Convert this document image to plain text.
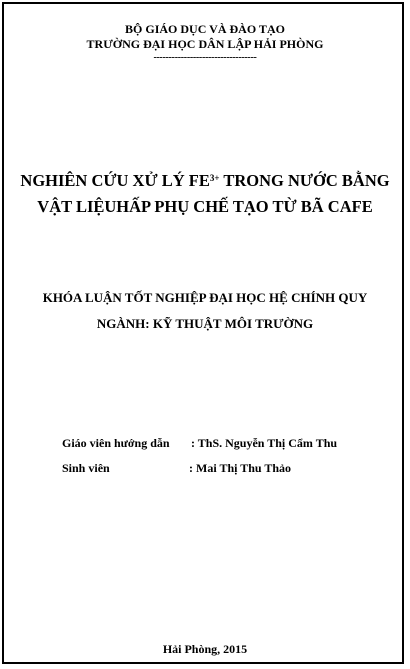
BỘ GIÁO DỤC VÀ ĐÀO TẠO
TRƯỜNG ĐẠI HỌC DÂN LẬP HẢI PHÒNG
----------------------------------
NGHIÊN CỨU XỬ LÝ $FE^{3+}$ TRONG NƯỚC BẰNG
VẬT LIỆUHẤP PHỤ CHẾ TẠO TỪ BÃ CAFE
KHÓA LUẬN TỐT NGHIỆP ĐẠI HỌC HỆ CHÍNH QUY
NGÀNH: KỸ THUẬT MÔI TRƯỜNG
Giáo viên hướng dẫn : ThS. Nguyễn Thị Cẩm Thu
Sinh viên	: Mai Thị Thu Thảo
Hải Phòng, 2015
